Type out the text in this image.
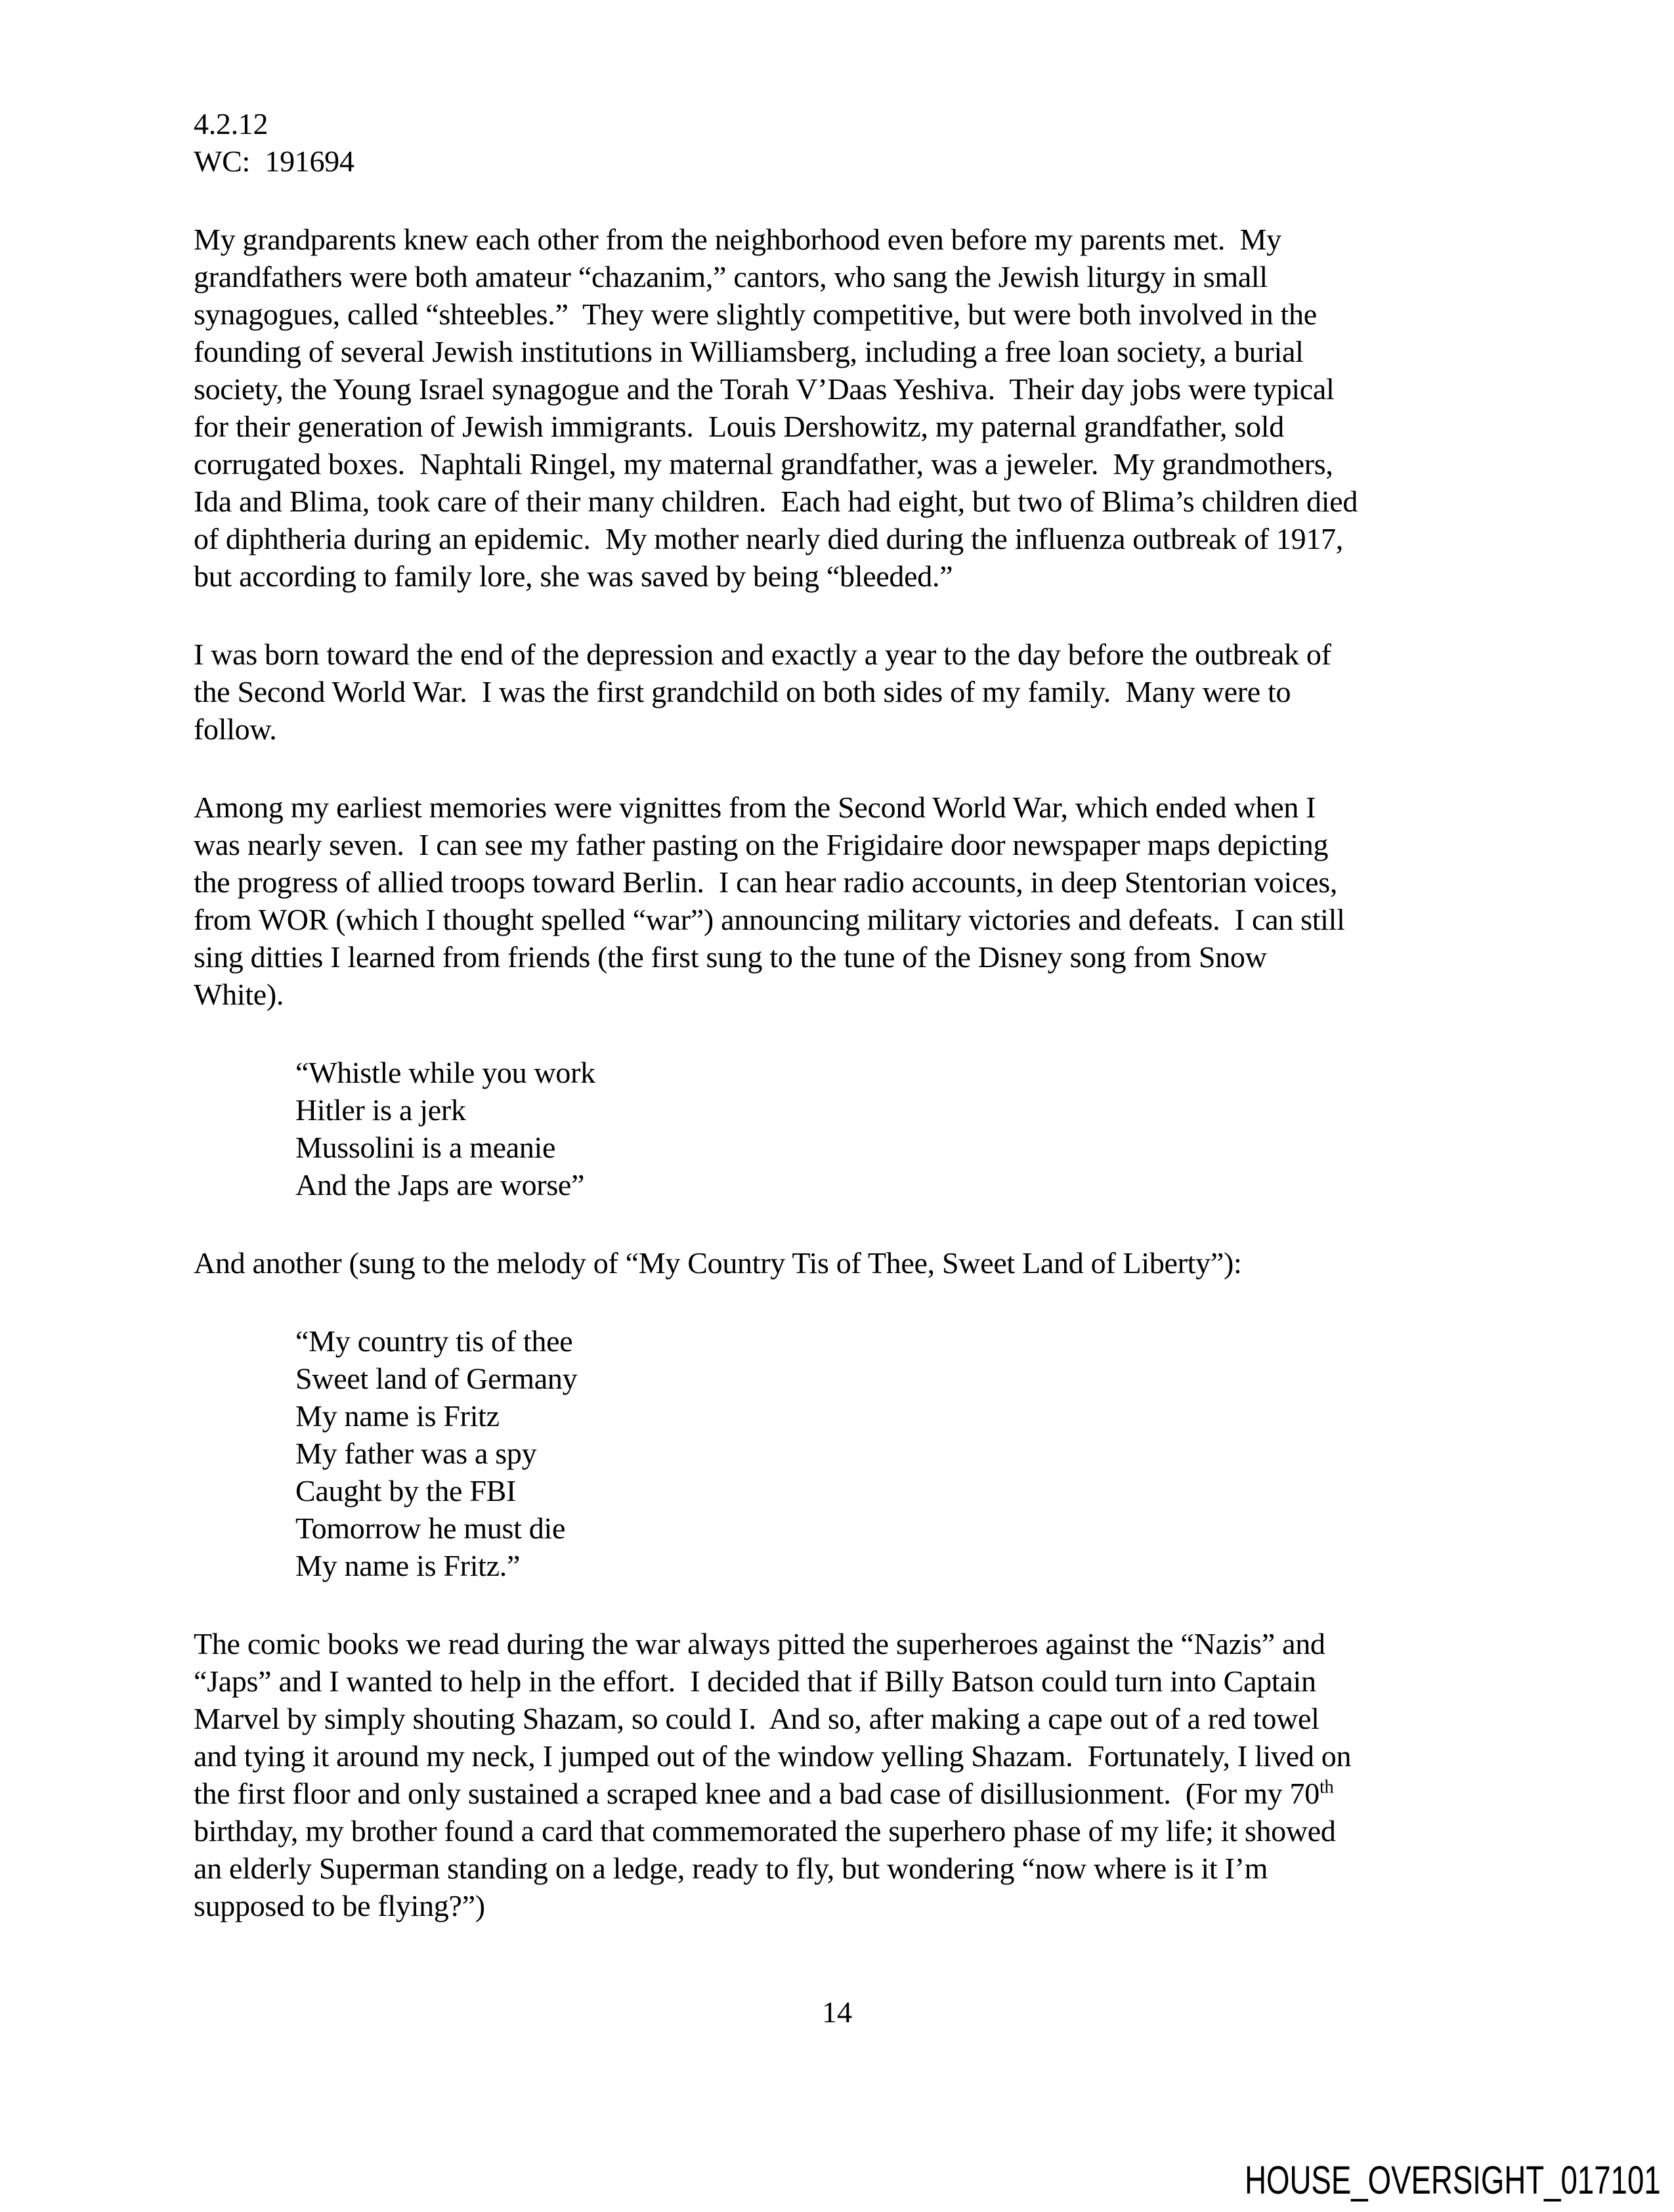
4.2.12
WC:  191694
My grandparents knew each other from the neighborhood even before my parents met.  My
grandfathers were both amateur “chazanim,” cantors, who sang the Jewish liturgy in small
synagogues, called “shteebles.”  They were slightly competitive, but were both involved in the
founding of several Jewish institutions in Williamsberg, including a free loan society, a burial
society, the Young Israel synagogue and the Torah V’Daas Yeshiva.  Their day jobs were typical
for their generation of Jewish immigrants.  Louis Dershowitz, my paternal grandfather, sold
corrugated boxes.  Naphtali Ringel, my maternal grandfather, was a jeweler.  My grandmothers,
Ida and Blima, took care of their many children.  Each had eight, but two of Blima’s children died
of diphtheria during an epidemic.  My mother nearly died during the influenza outbreak of 1917,
but according to family lore, she was saved by being “bleeded.”
I was born toward the end of the depression and exactly a year to the day before the outbreak of
the Second World War.  I was the first grandchild on both sides of my family.  Many were to
follow.
Among my earliest memories were vignittes from the Second World War, which ended when I
was nearly seven.  I can see my father pasting on the Frigidaire door newspaper maps depicting
the progress of allied troops toward Berlin.  I can hear radio accounts, in deep Stentorian voices,
from WOR (which I thought spelled “war”) announcing military victories and defeats.  I can still
sing ditties I learned from friends (the first sung to the tune of the Disney song from Snow
White).
“Whistle while you work
Hitler is a jerk
Mussolini is a meanie
And the Japs are worse”
And another (sung to the melody of “My Country Tis of Thee, Sweet Land of Liberty”):
“My country tis of thee
Sweet land of Germany
My name is Fritz
My father was a spy
Caught by the FBI
Tomorrow he must die
My name is Fritz.”
The comic books we read during the war always pitted the superheroes against the “Nazis” and
“Japs” and I wanted to help in the effort.  I decided that if Billy Batson could turn into Captain
Marvel by simply shouting Shazam, so could I.  And so, after making a cape out of a red towel
and tying it around my neck, I jumped out of the window yelling Shazam.  Fortunately, I lived on
the first floor and only sustained a scraped knee and a bad case of disillusionment.  (For my 70th
birthday, my brother found a card that commemorated the superhero phase of my life; it showed
an elderly Superman standing on a ledge, ready to fly, but wondering “now where is it I’m
supposed to be flying?”)
14
HOUSE_OVERSIGHT_017101
